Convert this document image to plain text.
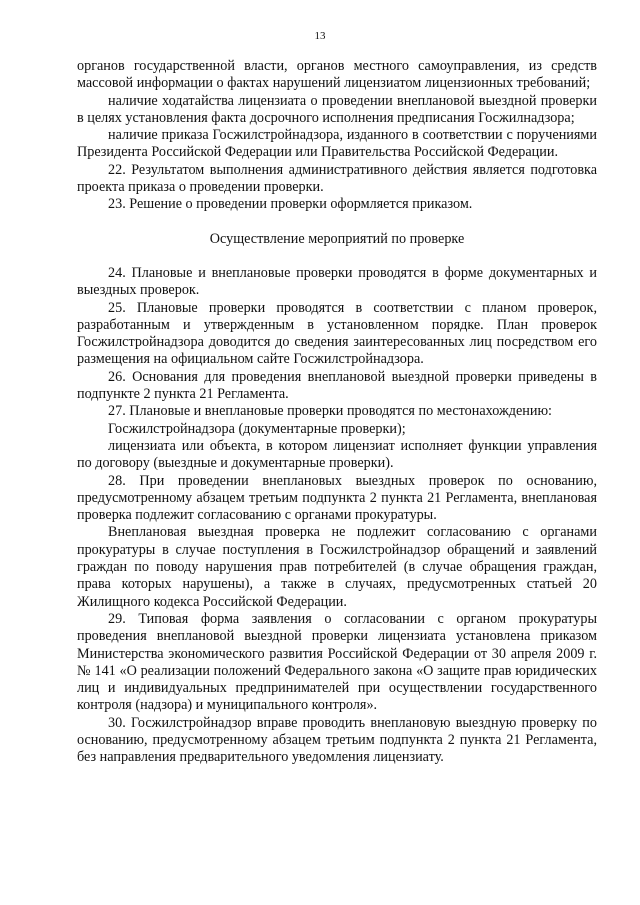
13

органов государственной власти, органов местного самоуправления, из средств массовой информации о фактах нарушений лицензиатом лицензионных требований;

наличие ходатайства лицензиата о проведении внеплановой выездной проверки в целях установления факта досрочного исполнения предписания Госжилнадзора;

наличие приказа Госжилстройнадзора, изданного в соответствии с поручениями Президента Российской Федерации или Правительства Российской Федерации.

22. Результатом выполнения административного действия является подготовка проекта приказа о проведении проверки.

23. Решение о проведении проверки оформляется приказом.

Осуществление мероприятий по проверке

24. Плановые и внеплановые проверки проводятся в форме документарных и выездных проверок.

25. Плановые проверки проводятся в соответствии с планом проверок, разработанным и утвержденным в установленном порядке. План проверок Госжилстройнадзора доводится до сведения заинтересованных лиц посредством его размещения на официальном сайте Госжилстройнадзора.

26. Основания для проведения внеплановой выездной проверки приведены в подпункте 2 пункта 21 Регламента.

27. Плановые и внеплановые проверки проводятся по местонахождению:

Госжилстройнадзора (документарные проверки);

лицензиата или объекта, в котором лицензиат исполняет функции управления по договору (выездные и документарные проверки).

28. При проведении внеплановых выездных проверок по основанию, предусмотренному абзацем третьим подпункта 2 пункта 21 Регламента, внеплановая проверка подлежит согласованию с органами прокуратуры.

Внеплановая выездная проверка не подлежит согласованию с органами прокуратуры в случае поступления в Госжилстройнадзор обращений и заявлений граждан по поводу нарушения прав потребителей (в случае обращения граждан, права которых нарушены), а также в случаях, предусмотренных статьей 20 Жилищного кодекса Российской Федерации.

29. Типовая форма заявления о согласовании с органом прокуратуры проведения внеплановой выездной проверки лицензиата установлена приказом Министерства экономического развития Российской Федерации от 30 апреля 2009 г. № 141 «О реализации положений Федерального закона «О защите прав юридических лиц и индивидуальных предпринимателей при осуществлении государственного контроля (надзора) и муниципального контроля».

30. Госжилстройнадзор вправе проводить внеплановую выездную проверку по основанию, предусмотренному абзацем третьим подпункта 2 пункта 21 Регламента, без направления предварительного уведомления лицензиату.
